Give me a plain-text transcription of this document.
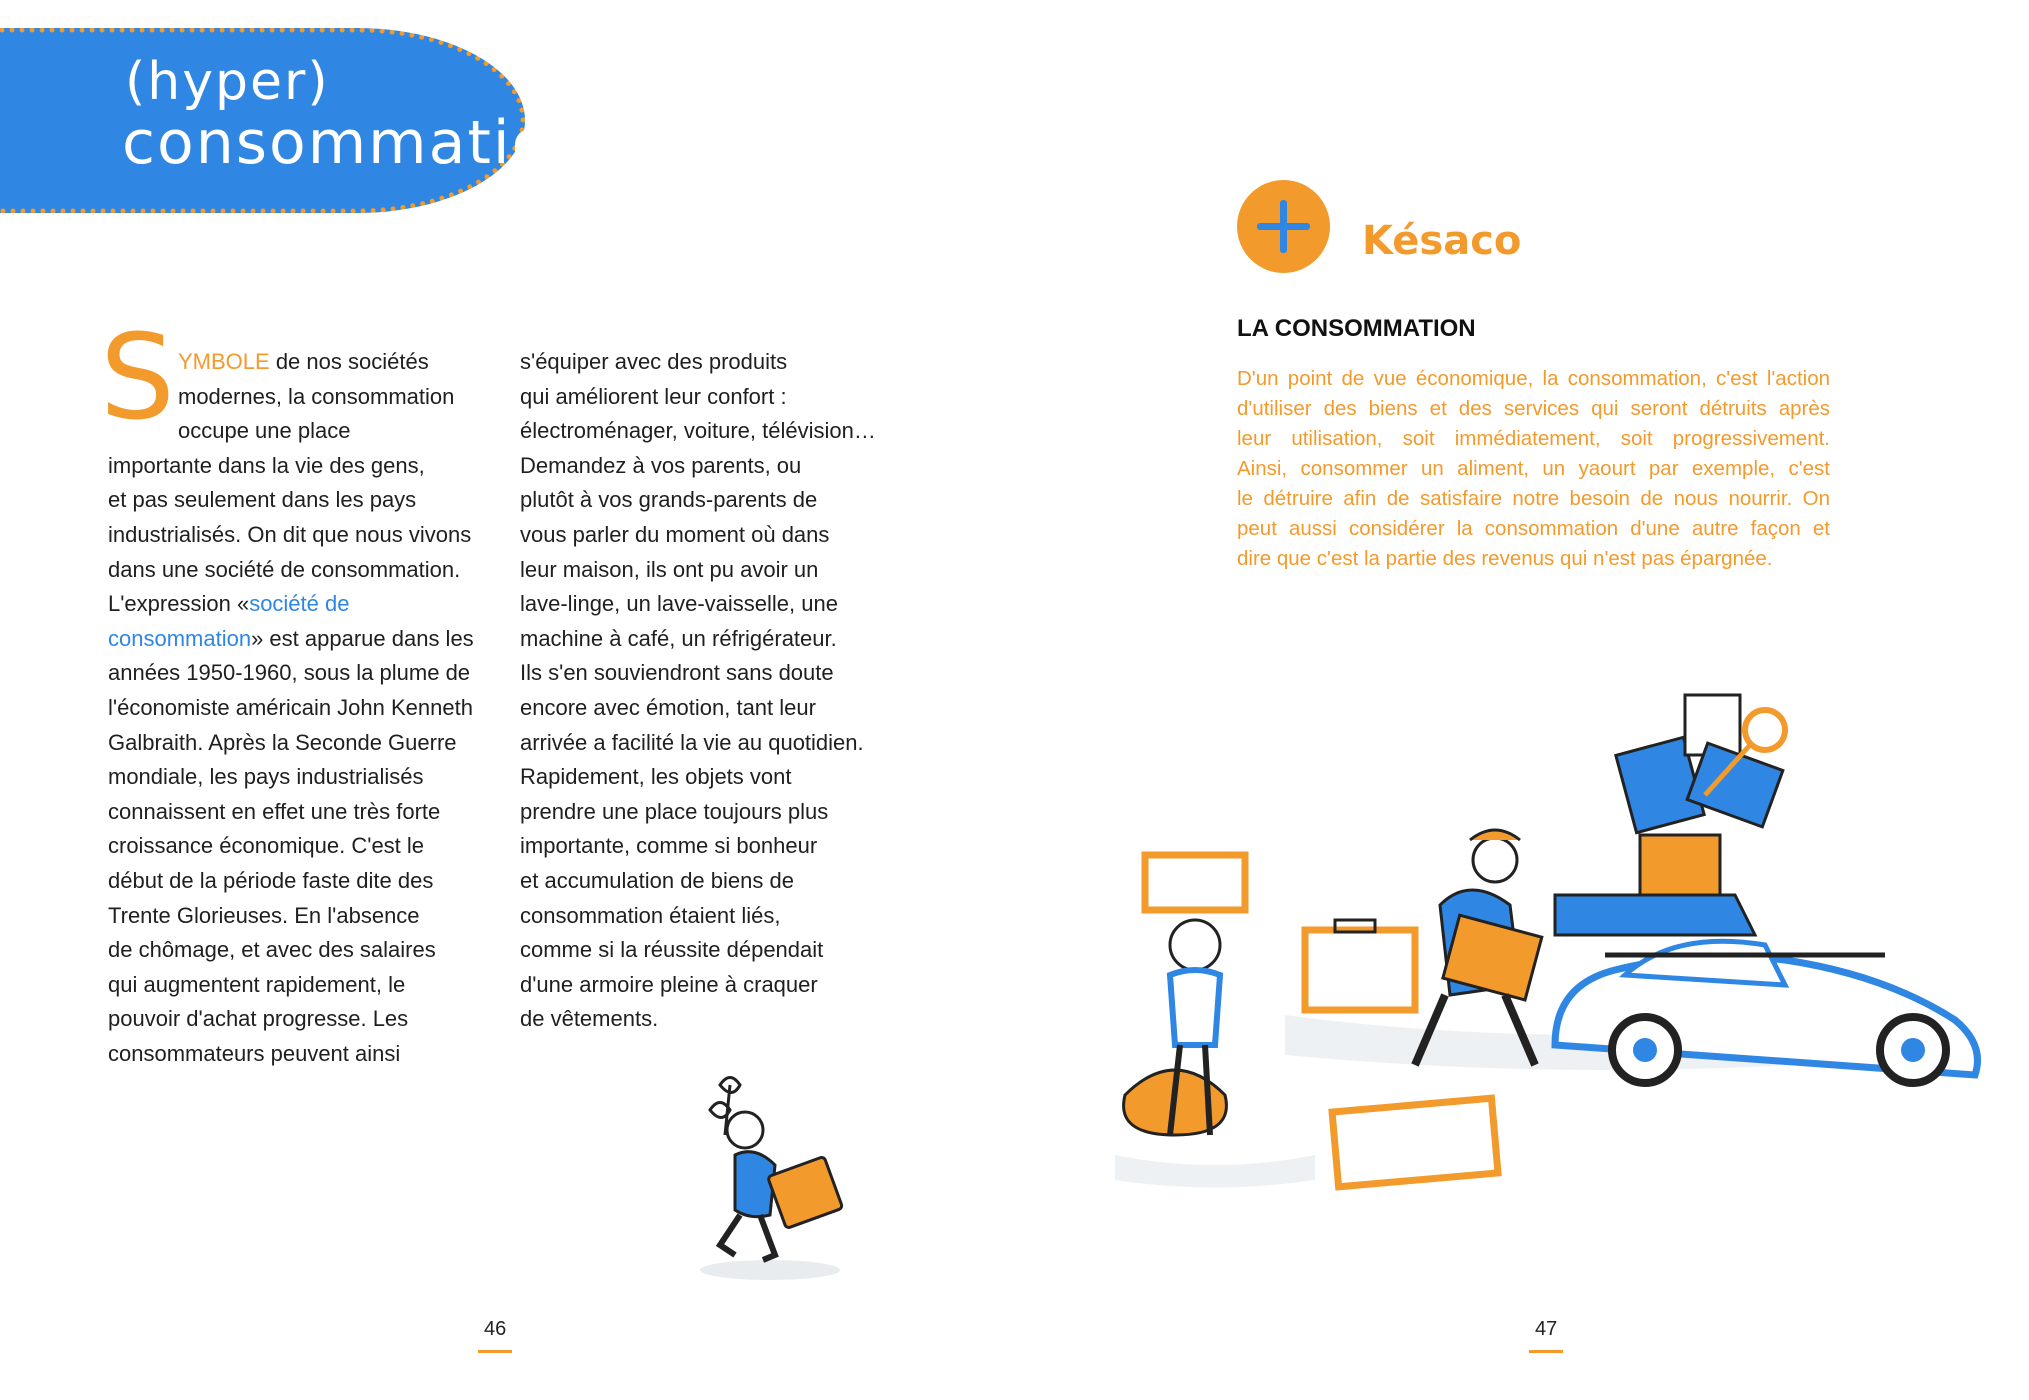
(hyper)
consommation
S YMBOLE de nos sociétés

modernes, la consommation

occupe une place

importante dans la vie des gens,

et pas seulement dans les pays

industrialisés. On dit que nous vivons

dans une société de consommation.

L'expression «société de

consommation» est apparue dans les

années 1950-1960, sous la plume de

l'économiste américain John Kenneth

Galbraith. Après la Seconde Guerre

mondiale, les pays industrialisés

connaissent en effet une très forte

croissance économique. C'est le

début de la période faste dite des

Trente Glorieuses. En l'absence

de chômage, et avec des salaires

qui augmentent rapidement, le

pouvoir d'achat progresse. Les

consommateurs peuvent ainsi

s'équiper avec des produits

qui améliorent leur confort :

électroménager, voiture, télévision…

Demandez à vos parents, ou

plutôt à vos grands-parents de

vous parler du moment où dans

leur maison, ils ont pu avoir un

lave-linge, un lave-vaisselle, une

machine à café, un réfrigérateur.

Ils s'en souviendront sans doute

encore avec émotion, tant leur

arrivée a facilité la vie au quotidien.

Rapidement, les objets vont

prendre une place toujours plus

importante, comme si bonheur

et accumulation de biens de

consommation étaient liés,

comme si la réussite dépendait

d'une armoire pleine à craquer

de vêtements.

Késaco
LA CONSOMMATION
D'un point de vue économique, la consommation, c'est l'action
d'utiliser des biens et des services qui seront détruits après
leur utilisation, soit immédiatement, soit progressivement.
Ainsi, consommer un aliment, un yaourt par exemple, c'est
le détruire afin de satisfaire notre besoin de nous nourrir. On
peut aussi considérer la consommation d'une autre façon et
dire que c'est la partie des revenus qui n'est pas épargnée.
46	47
